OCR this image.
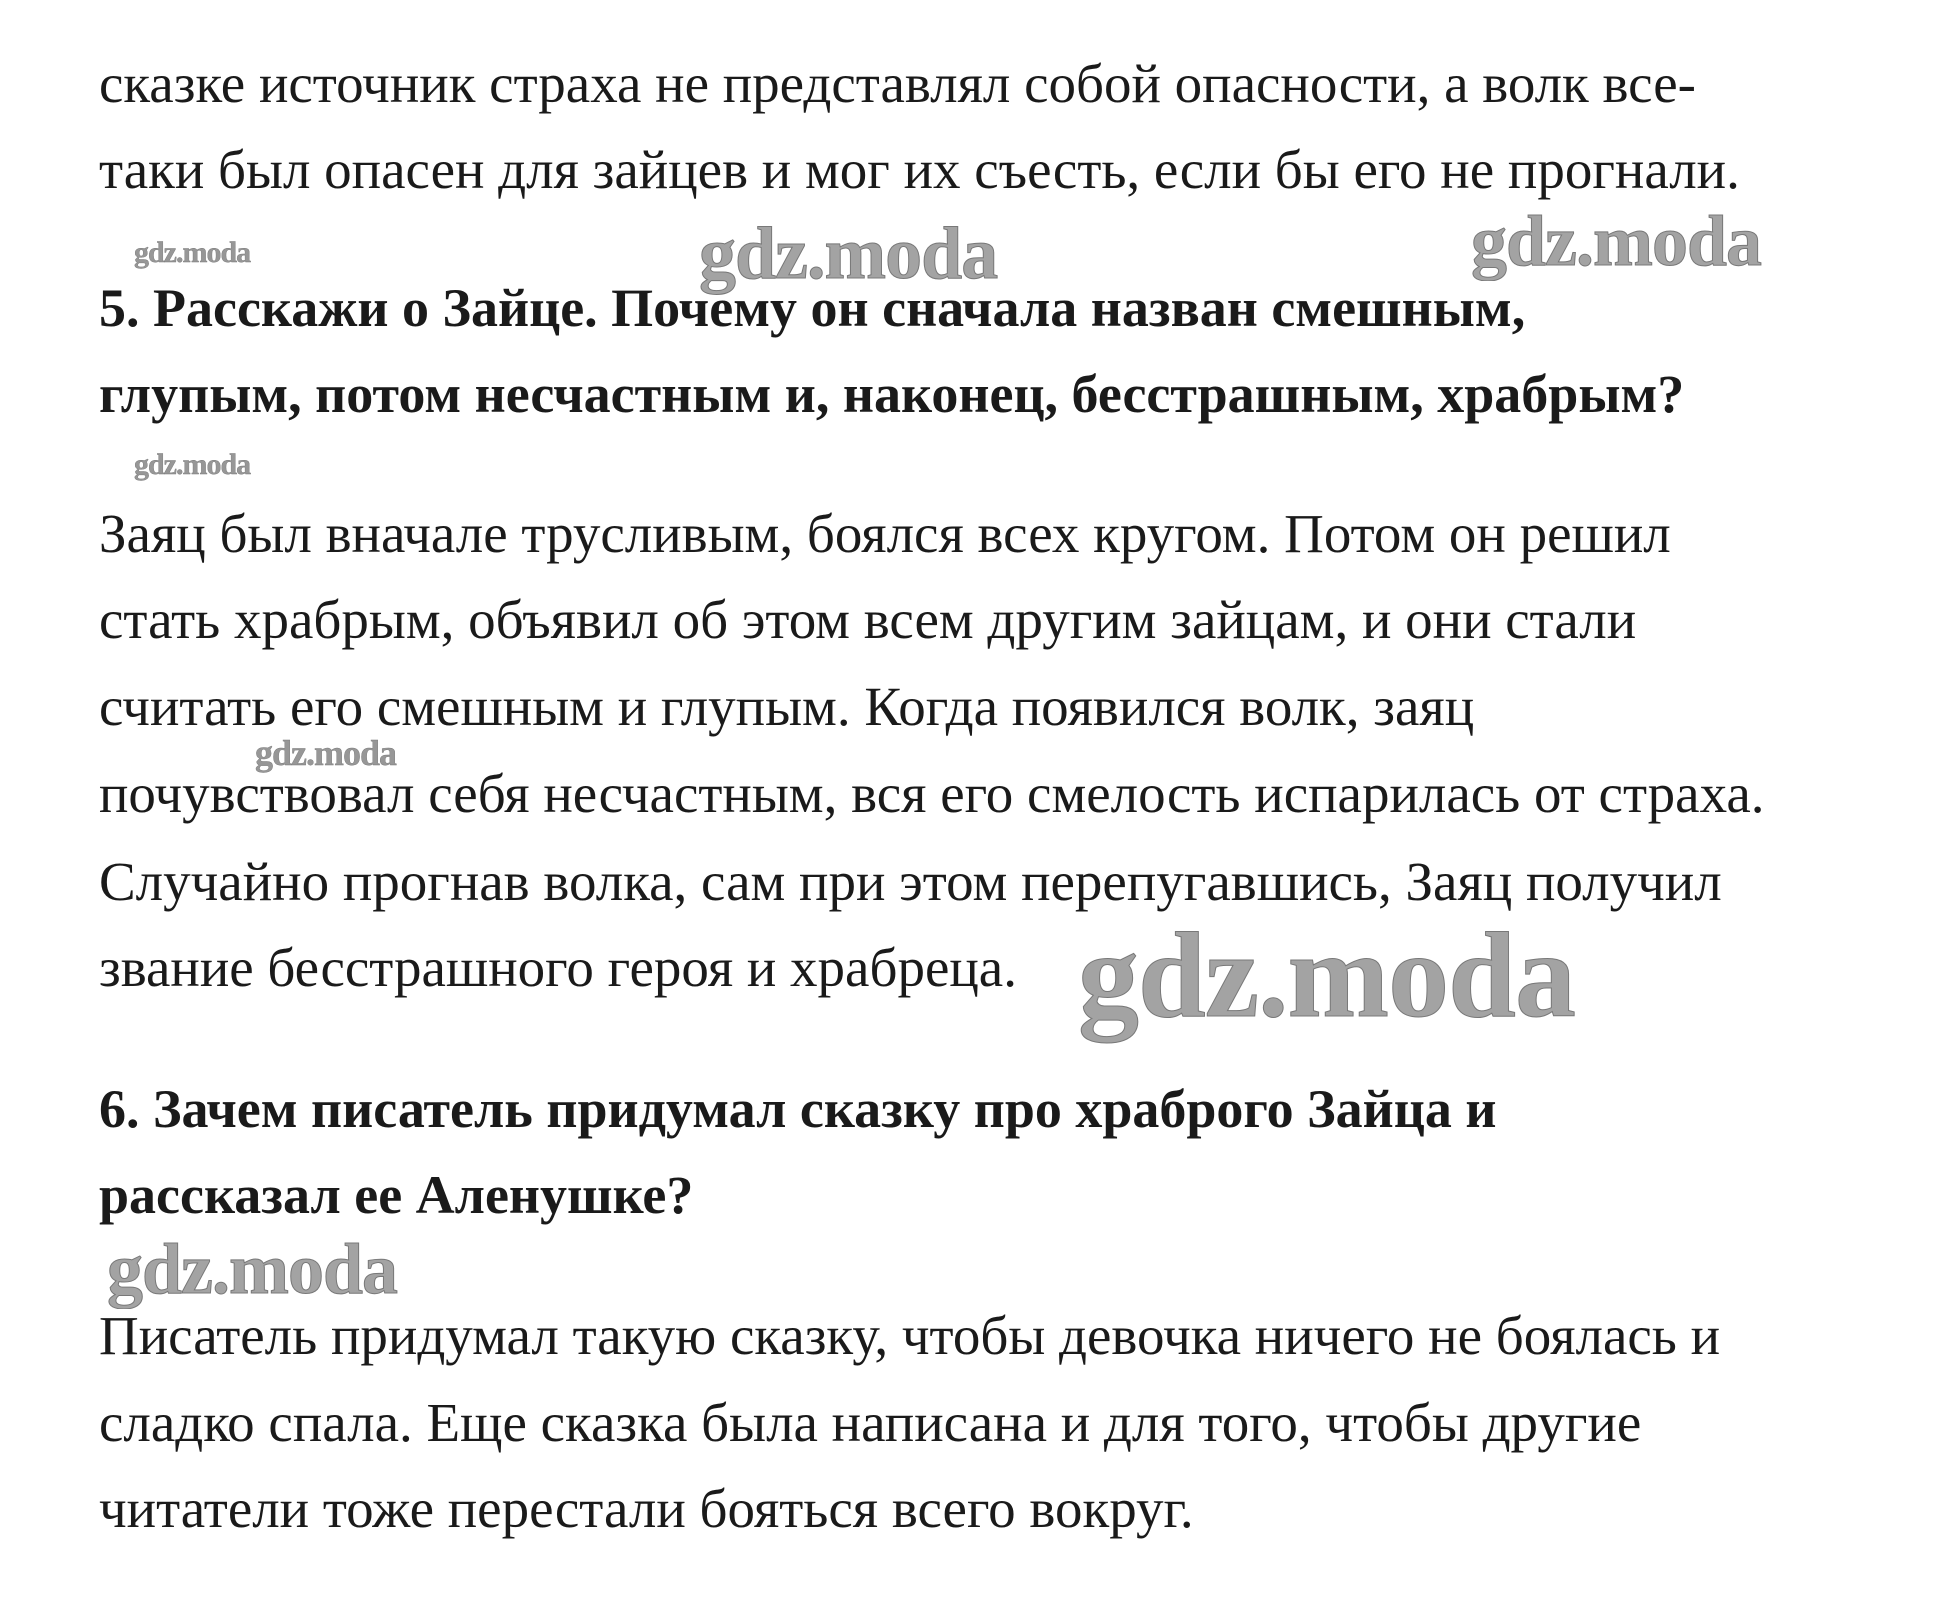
сказке источник страха не представлял собой опасности, а волк все-
таки был опасен для зайцев и мог их съесть, если бы его не прогнали.
5. Расскажи о Зайце. Почему он сначала назван смешным,
глупым, потом несчастным и, наконец, бесстрашным, храбрым?
Заяц был вначале трусливым, боялся всех кругом. Потом он решил
стать храбрым, объявил об этом всем другим зайцам, и они стали
считать его смешным и глупым. Когда появился волк, заяц
почувствовал себя несчастным, вся его смелость испарилась от страха.
Случайно прогнав волка, сам при этом перепугавшись, Заяц получил
звание бесстрашного героя и храбреца.
6. Зачем писатель придумал сказку про храброго Зайца и
рассказал ее Аленушке?
Писатель придумал такую сказку, чтобы девочка ничего не боялась и
сладко спала. Еще сказка была написана и для того, чтобы другие
читатели тоже перестали бояться всего вокруг.
gdz.moda	gdz.moda	gdz.moda
gdz.moda
gdz.moda
gdz.moda
gdz.moda
